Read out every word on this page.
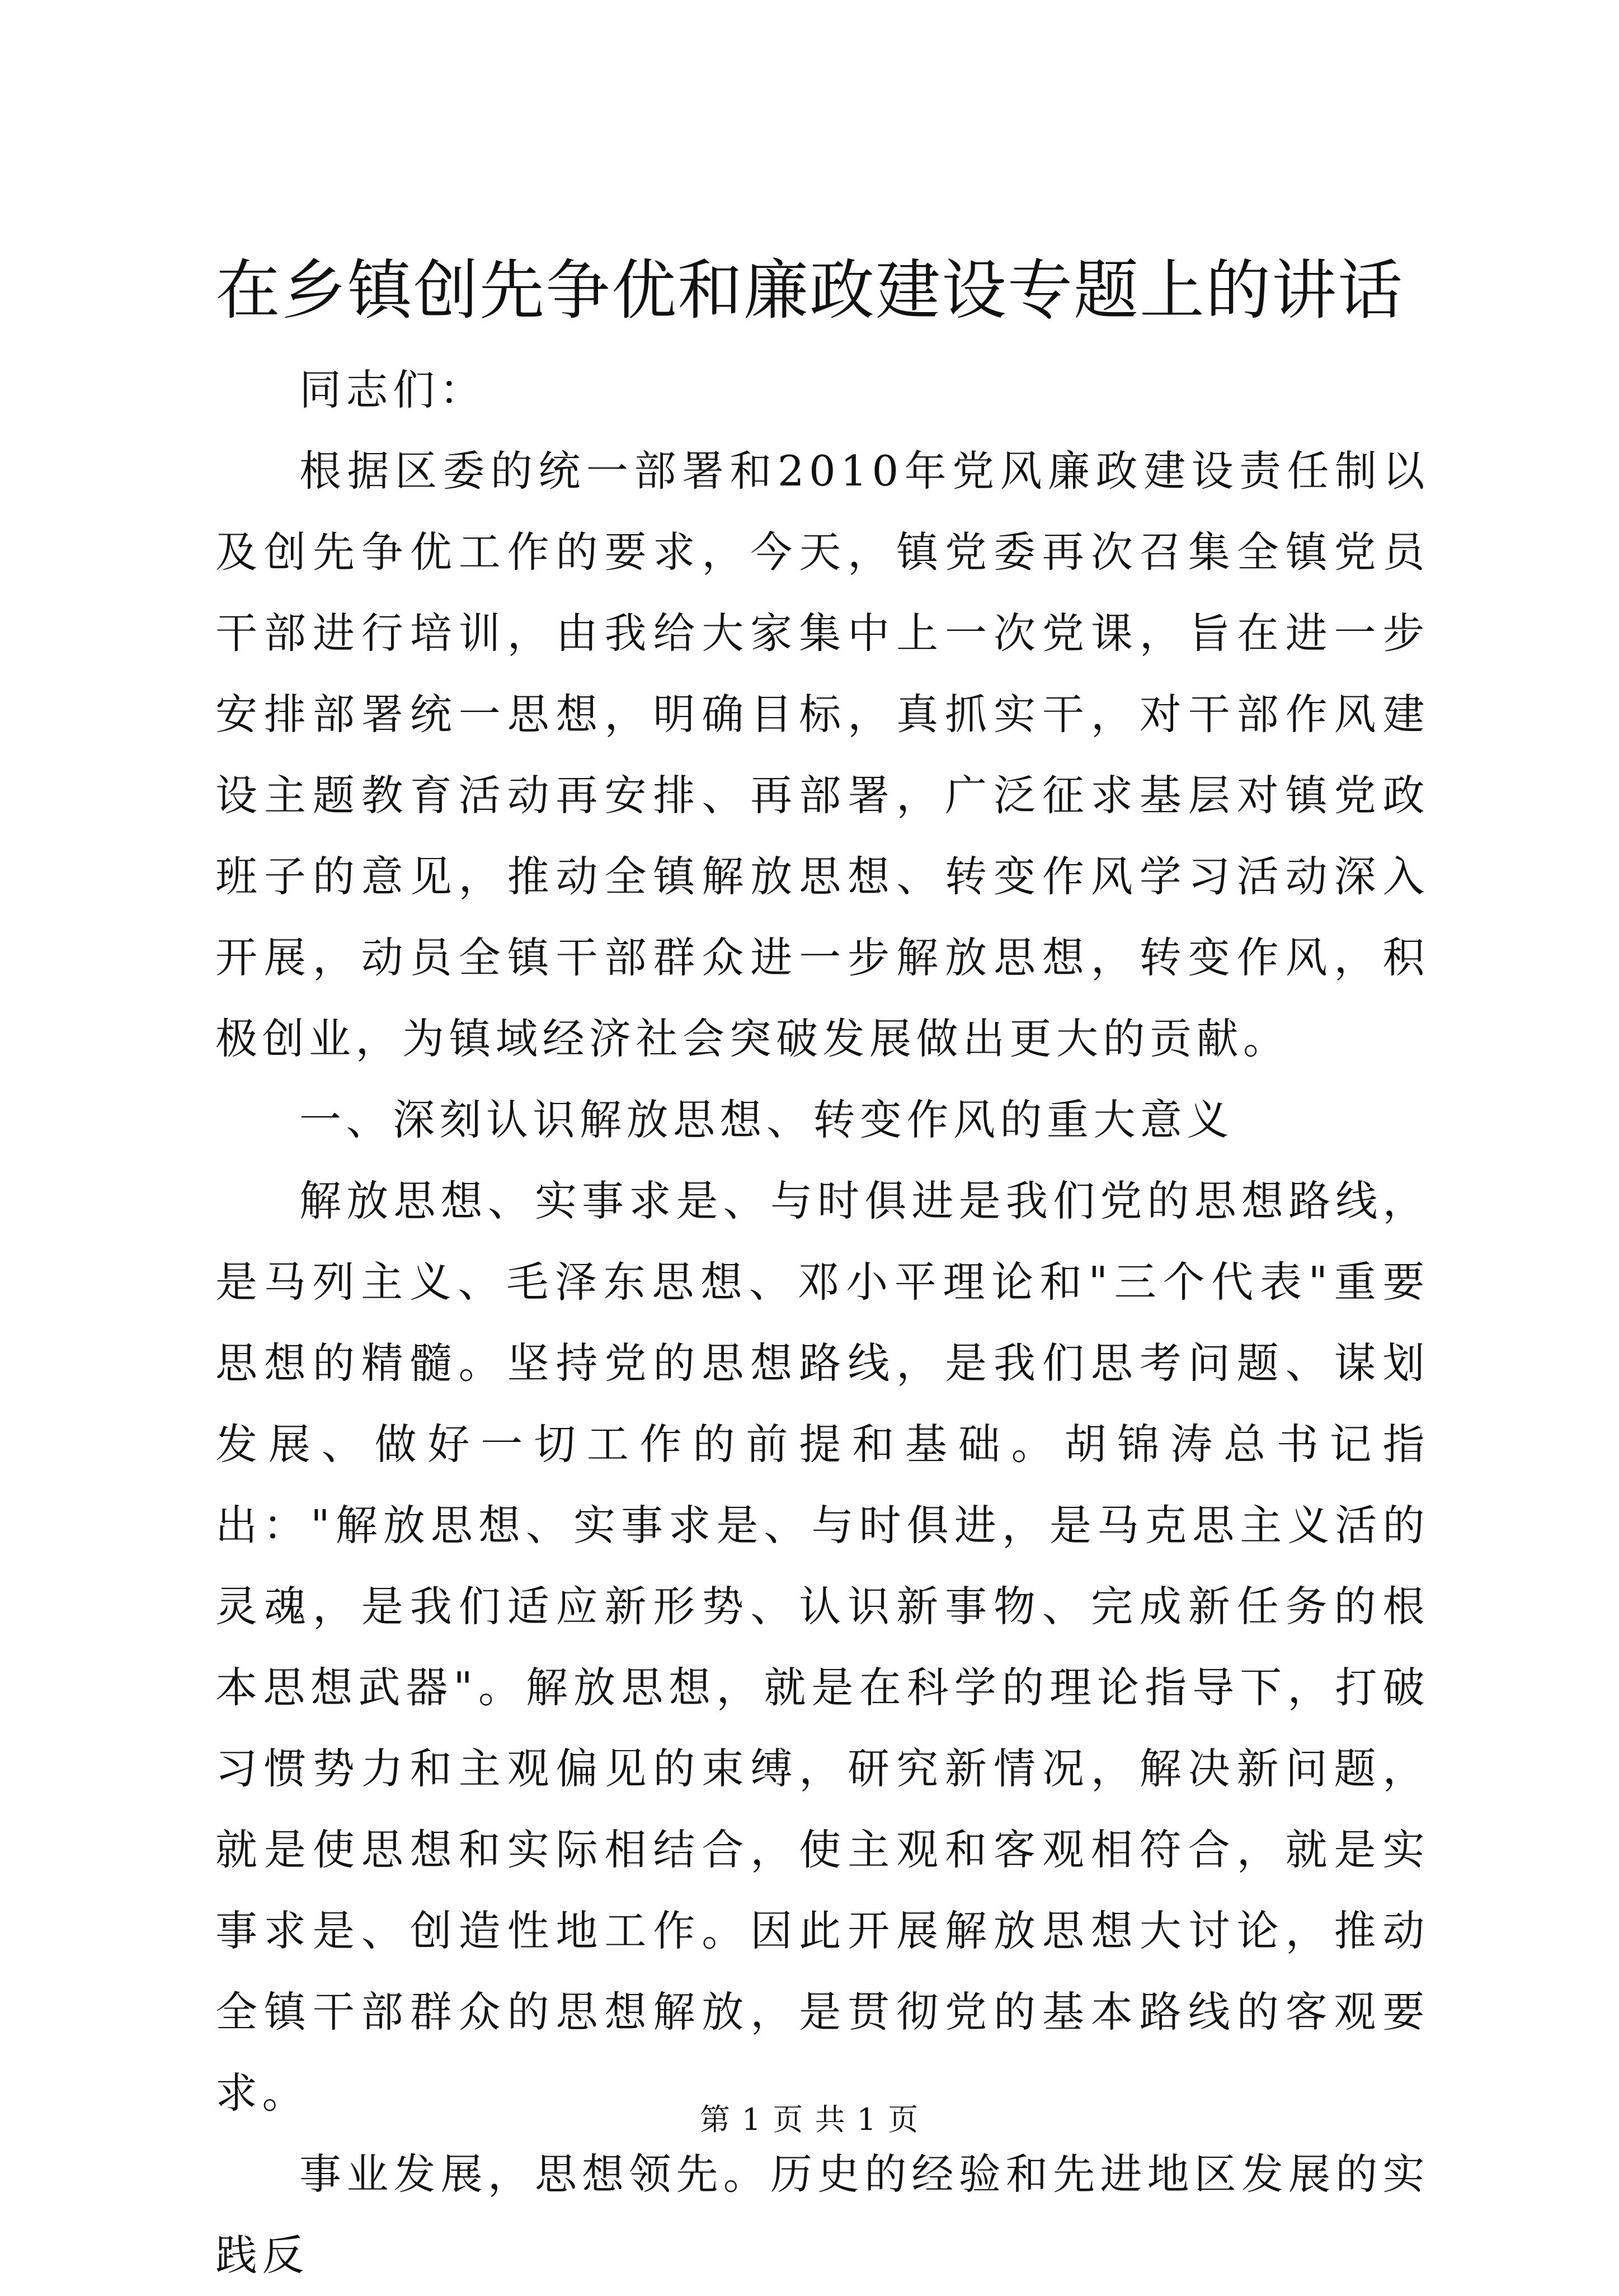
在乡镇创先争优和廉政建设专题上的讲话

同志们：

根据区委的统一部署和2010年党风廉政建设责任制以及创先争优工作的要求，今天，镇党委再次召集全镇党员干部进行培训，由我给大家集中上一次党课，旨在进一步安排部署统一思想，明确目标，真抓实干，对干部作风建设主题教育活动再安排、再部署，广泛征求基层对镇党政班子的意见，推动全镇解放思想、转变作风学习活动深入开展，动员全镇干部群众进一步解放思想，转变作风，积极创业，为镇域经济社会突破发展做出更大的贡献。

一、深刻认识解放思想、转变作风的重大意义

解放思想、实事求是、与时俱进是我们党的思想路线，是马列主义、毛泽东思想、邓小平理论和"三个代表"重要思想的精髓。坚持党的思想路线，是我们思考问题、谋划发展、做好一切工作的前提和基础。胡锦涛总书记指出："解放思想、实事求是、与时俱进，是马克思主义活的灵魂，是我们适应新形势、认识新事物、完成新任务的根本思想武器"。解放思想，就是在科学的理论指导下，打破习惯势力和主观偏见的束缚，研究新情况，解决新问题，就是使思想和实际相结合，使主观和客观相符合，就是实事求是、创造性地工作。因此开展解放思想大讨论，推动全镇干部群众的思想解放，是贯彻党的基本路线的客观要求。

事业发展，思想领先。历史的经验和先进地区发展的实践反

第 1 页 共 1 页
